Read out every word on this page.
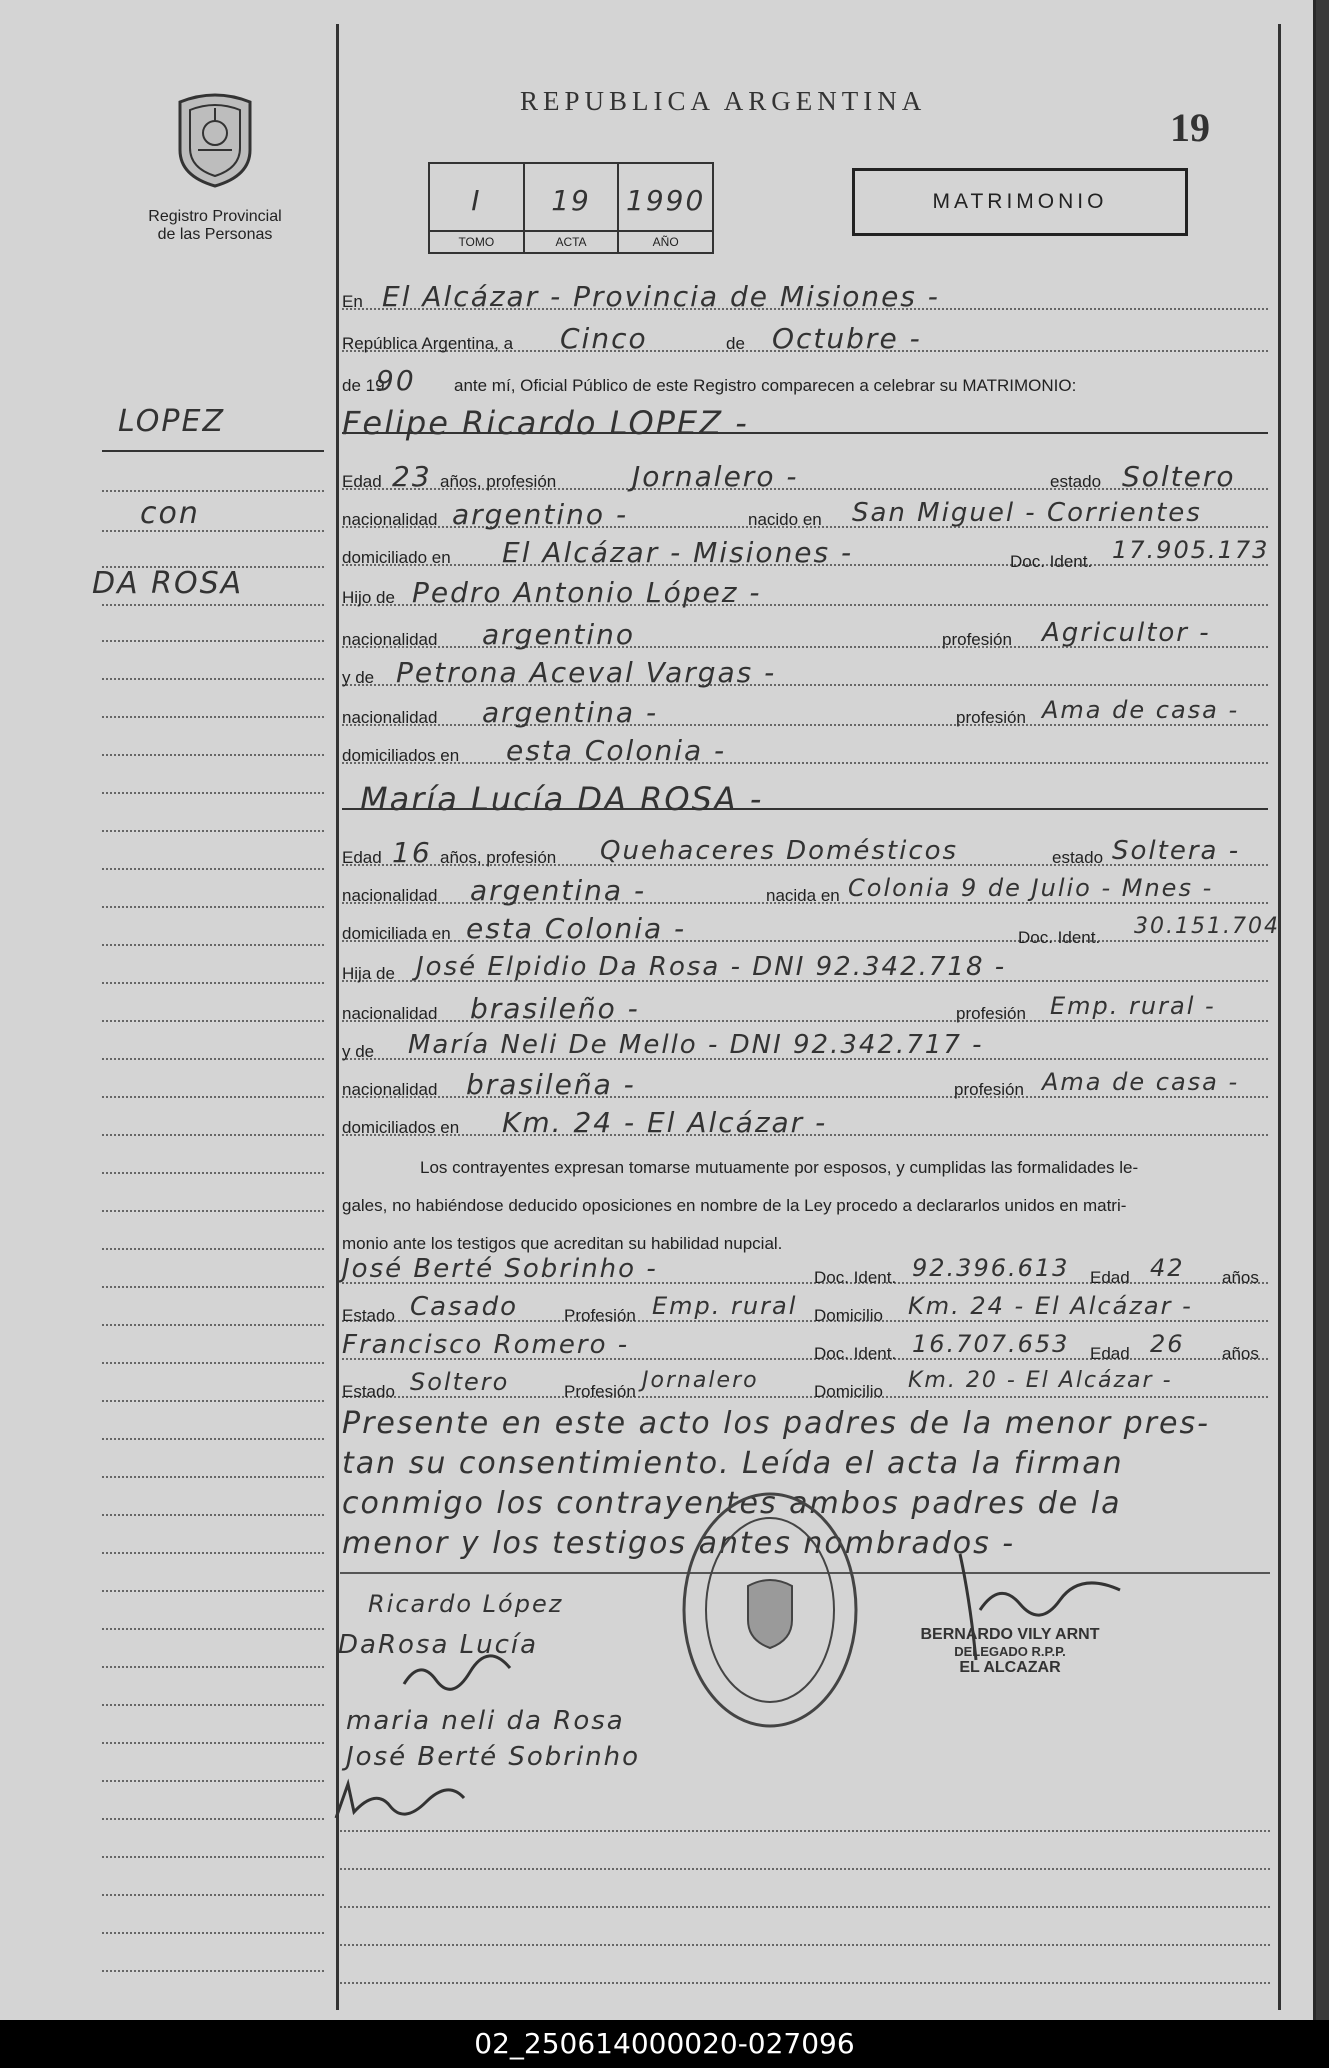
Registro Provincial
de las Personas
REPUBLICA ARGENTINA
19
I
TOMO
19
ACTA
1990
AÑO
MATRIMONIO
LOPEZ
con
DA ROSA
En El Alcázar - Provincia de Misiones -
República Argentina, a Cinco	de Octubre -
de 19
90 ante mí, Oficial Público de este Registro comparecen a celebrar su MATRIMONIO:
Felipe Ricardo LOPEZ -
Edad 23 años, profesión	Jornalero -	estado Soltero
nacionalidad argentino -	nacido en San Miguel - Corrientes
domiciliado en El Alcázar - Misiones -	Doc. Ident. 17.905.173
Hijo de Pedro Antonio López -
nacionalidad argentino	profesión Agricultor -
y de Petrona Aceval Vargas -
nacionalidad argentina -	profesión Ama de casa -
domiciliados en esta Colonia -
María Lucía DA ROSA -
Edad 16 años, profesión Quehaceres Domésticos	estado Soltera -
nacionalidad argentina -	nacida en Colonia 9 de Julio - Mnes -
domiciliada en esta Colonia -	Doc. Ident. 30.151.704
Hija de José Elpidio Da Rosa - DNI 92.342.718 -
nacionalidad brasileño -	profesión Emp. rural -
y de María Neli De Mello - DNI 92.342.717 -
nacionalidad brasileña -	profesión Ama de casa -
domiciliados en Km. 24 - El Alcázar -
Los contrayentes expresan tomarse mutuamente por esposos, y cumplidas las formalidades le-
gales, no habiéndose deducido oposiciones en nombre de la Ley procedo a declararlos unidos en matri-
monio ante los testigos que acreditan su habilidad nupcial.
José Berté Sobrinho -	Doc. Ident. 92.396.613 Edad 42 años
Estado Casado	Profesión Emp. rural Domicilio Km. 24 - El Alcázar -
Francisco Romero -	Doc. Ident. 16.707.653 Edad 26 años
Estado Soltero	Profesión Jornalero	Domicilio Km. 20 - El Alcázar -
Presente en este acto los padres de la menor pres-
tan su consentimiento. Leída el acta la firman
conmigo los contrayentes ambos padres de la
menor y los testigos antes nombrados -
Ricardo López
DaRosa Lucía
maria neli da Rosa
José Berté Sobrinho
BERNARDO VILY ARNT
DELEGADO R.P.P.
EL ALCAZAR
02_250614000020-027096
